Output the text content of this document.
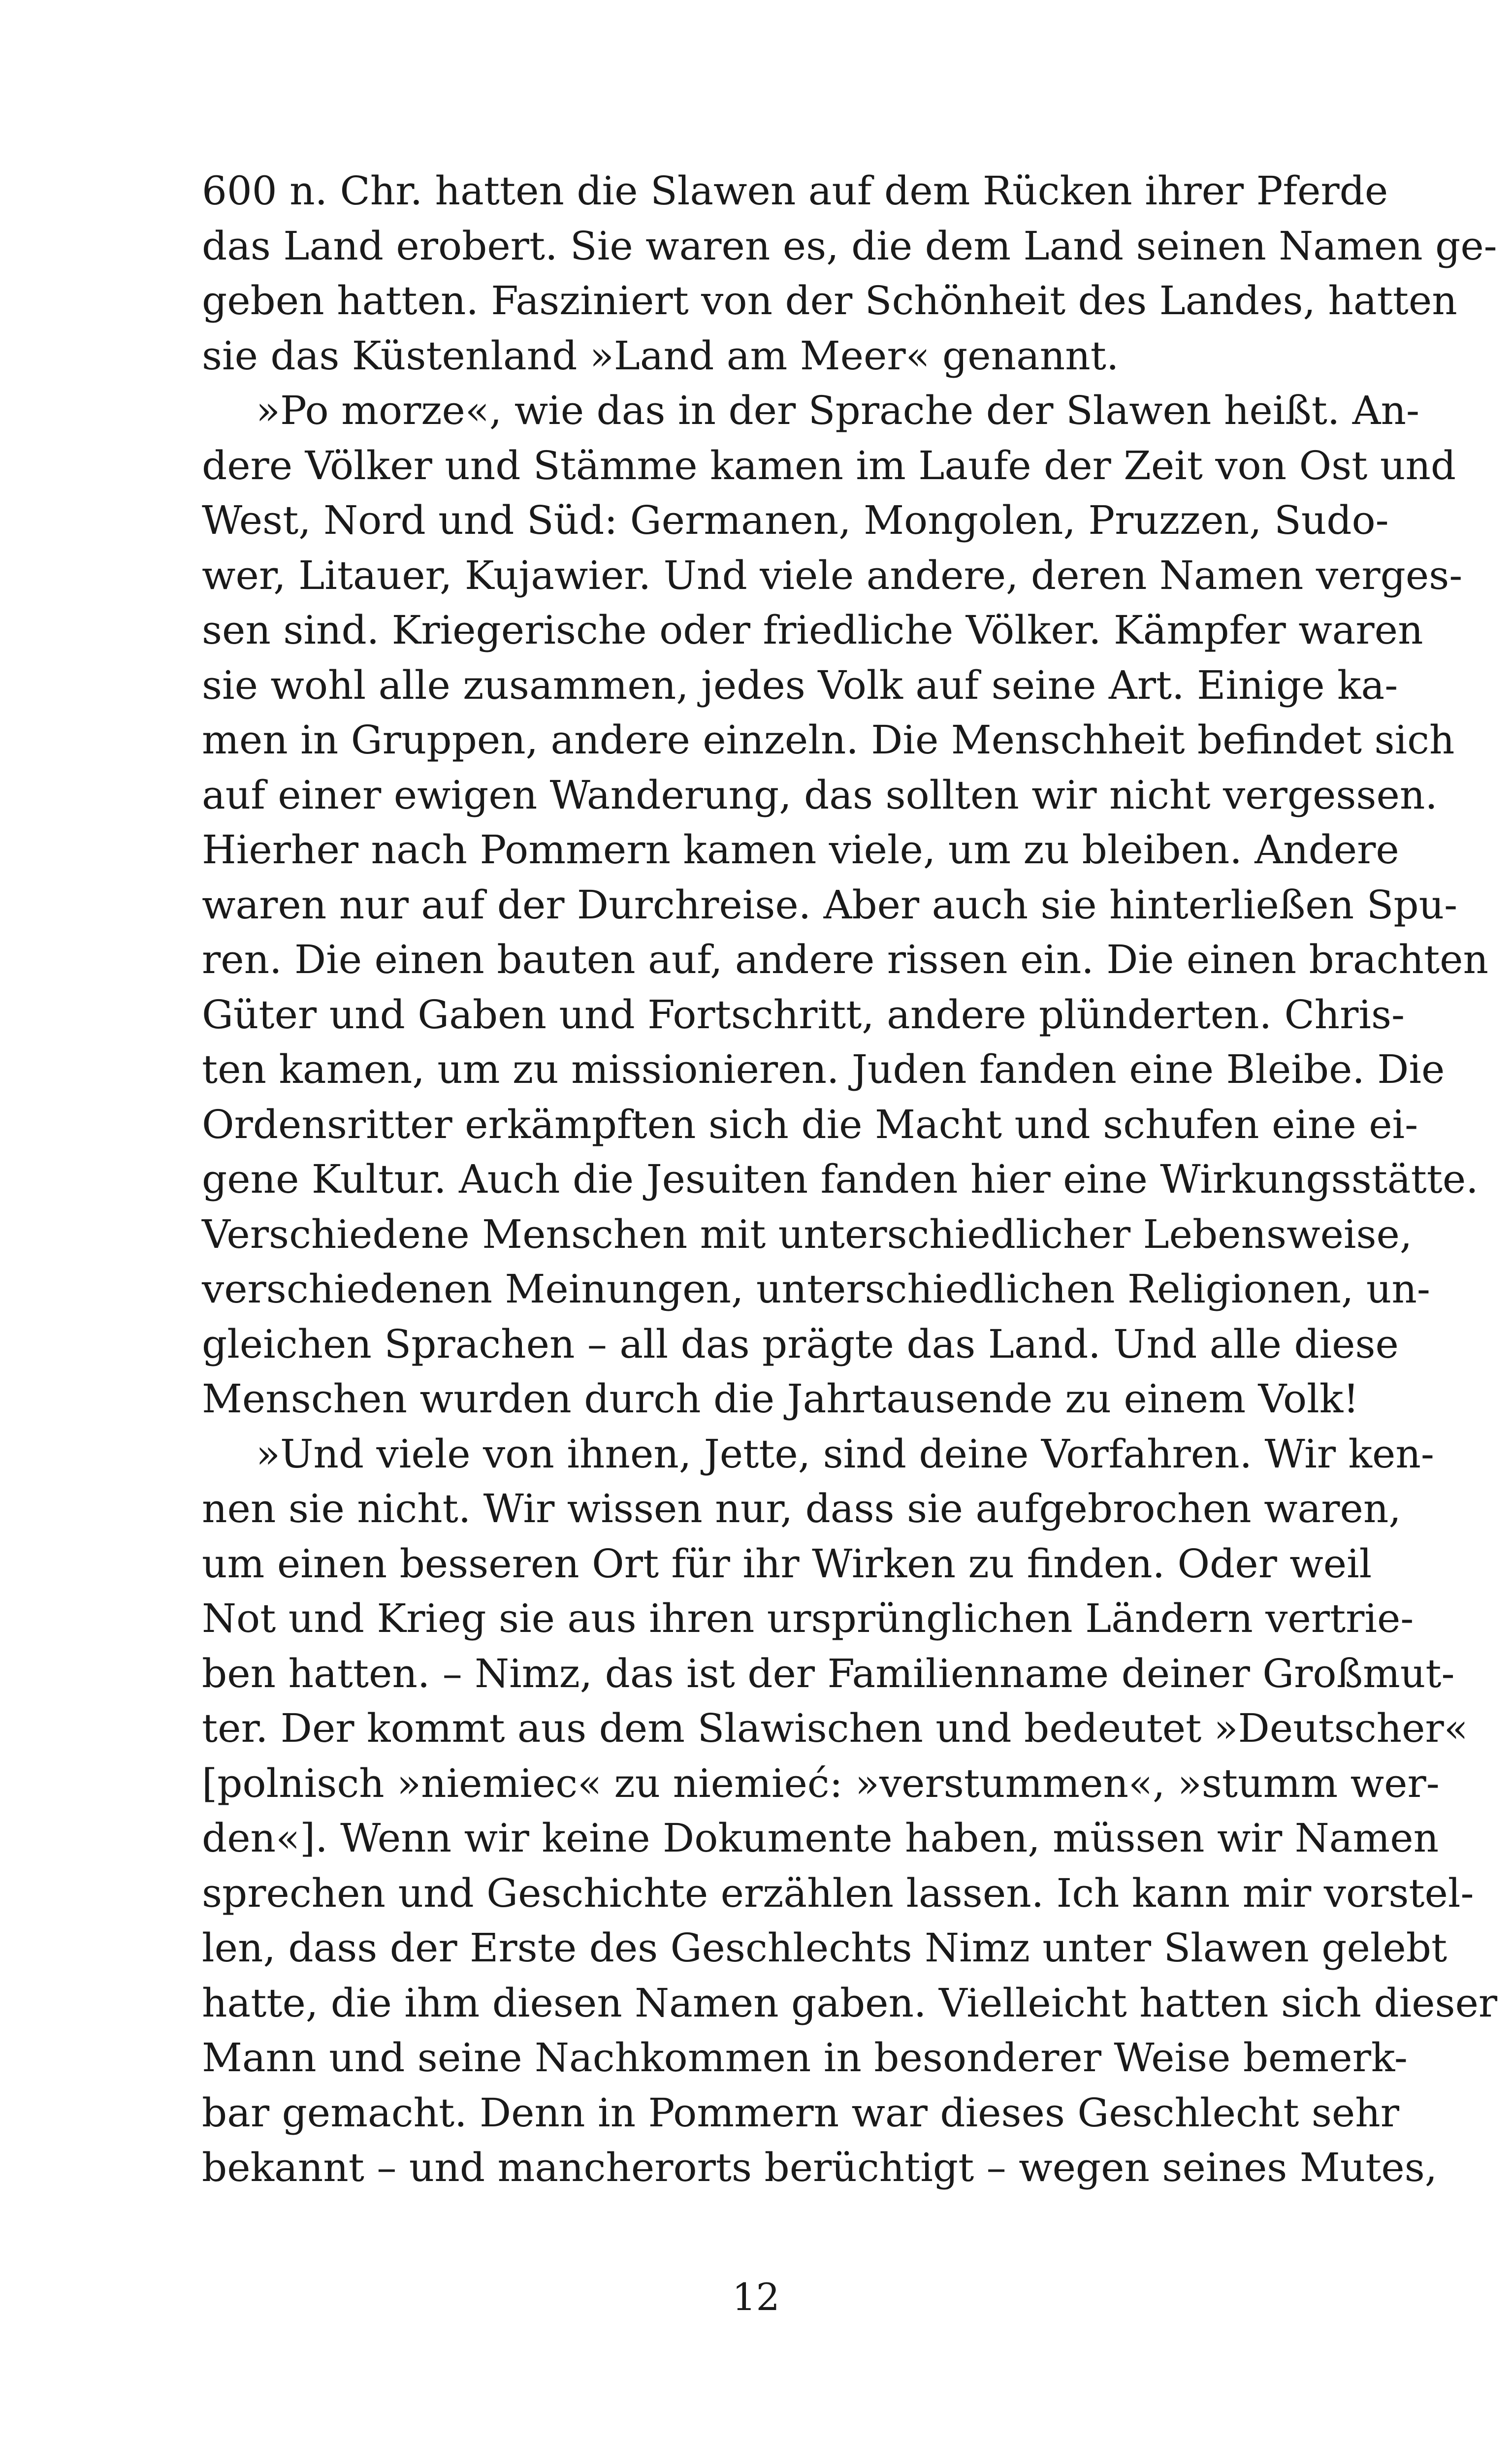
600 n. Chr. hatten die Slawen auf dem Rücken ihrer Pferde
das Land erobert. Sie waren es, die dem Land seinen Namen ge-
geben hatten. Fasziniert von der Schönheit des Landes, hatten
sie das Küstenland »Land am Meer« genannt.
»Po morze«, wie das in der Sprache der Slawen heißt. An-
dere Völker und Stämme kamen im Laufe der Zeit von Ost und
West, Nord und Süd: Germanen, Mongolen, Pruzzen, Sudo-
wer, Litauer, Kujawier. Und viele andere, deren Namen verges-
sen sind. Kriegerische oder friedliche Völker. Kämpfer waren
sie wohl alle zusammen, jedes Volk auf seine Art. Einige ka-
men in Gruppen, andere einzeln. Die Menschheit befindet sich
auf einer ewigen Wanderung, das sollten wir nicht vergessen.
Hierher nach Pommern kamen viele, um zu bleiben. Andere
waren nur auf der Durchreise. Aber auch sie hinterließen Spu-
ren. Die einen bauten auf, andere rissen ein. Die einen brachten
Güter und Gaben und Fortschritt, andere plünderten. Chris-
ten kamen, um zu missionieren. Juden fanden eine Bleibe. Die
Ordensritter erkämpften sich die Macht und schufen eine ei-
gene Kultur. Auch die Jesuiten fanden hier eine Wirkungsstätte.
Verschiedene Menschen mit unterschiedlicher Lebensweise,
verschiedenen Meinungen, unterschiedlichen Religionen, un-
gleichen Sprachen – all das prägte das Land. Und alle diese
Menschen wurden durch die Jahrtausende zu einem Volk!
»Und viele von ihnen, Jette, sind deine Vorfahren. Wir ken-
nen sie nicht. Wir wissen nur, dass sie aufgebrochen waren,
um einen besseren Ort für ihr Wirken zu finden. Oder weil
Not und Krieg sie aus ihren ursprünglichen Ländern vertrie-
ben hatten. – Nimz, das ist der Familienname deiner Großmut-
ter. Der kommt aus dem Slawischen und bedeutet »Deutscher«
[polnisch »niemiec« zu niemieć: »verstummen«, »stumm wer-
den«]. Wenn wir keine Dokumente haben, müssen wir Namen
sprechen und Geschichte erzählen lassen. Ich kann mir vorstel-
len, dass der Erste des Geschlechts Nimz unter Slawen gelebt
hatte, die ihm diesen Namen gaben. Vielleicht hatten sich dieser
Mann und seine Nachkommen in besonderer Weise bemerk-
bar gemacht. Denn in Pommern war dieses Geschlecht sehr
bekannt – und mancherorts berüchtigt – wegen seines Mutes,
12
